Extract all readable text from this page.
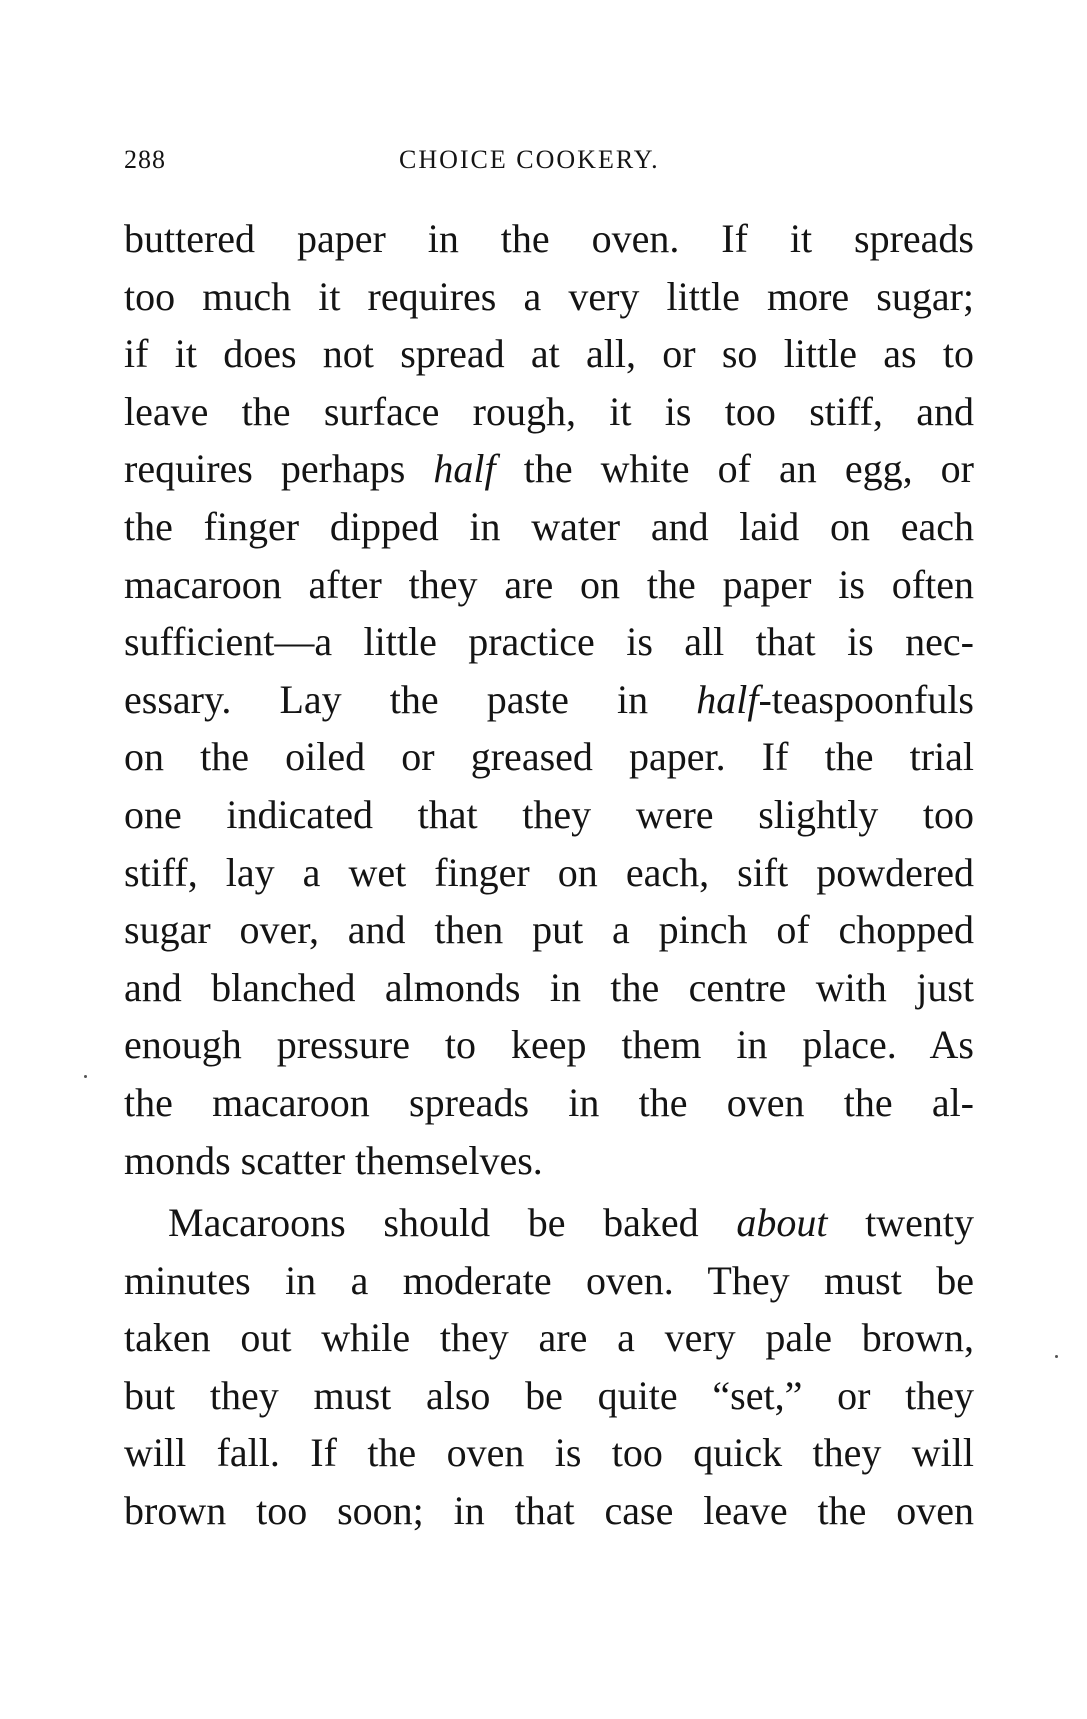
288	CHOICE COOKERY.
buttered paper in the oven. If it spreads
too much it requires a very little more sugar;
if it does not spread at all, or so little as to
leave the surface rough, it is too stiff, and
requires perhaps half the white of an egg, or
the finger dipped in water and laid on each
macaroon after they are on the paper is often
sufficient—a little practice is all that is nec-
essary. Lay the paste in half-teaspoonfuls
on the oiled or greased paper. If the trial
one indicated that they were slightly too
stiff, lay a wet finger on each, sift powdered
sugar over, and then put a pinch of chopped
and blanched almonds in the centre with just
enough pressure to keep them in place. As
the macaroon spreads in the oven the al-
monds scatter themselves.
Macaroons should be baked about twenty
minutes in a moderate oven. They must be
taken out while they are a very pale brown,
but they must also be quite “set,” or they
will fall. If the oven is too quick they will
brown too soon; in that case leave the oven
